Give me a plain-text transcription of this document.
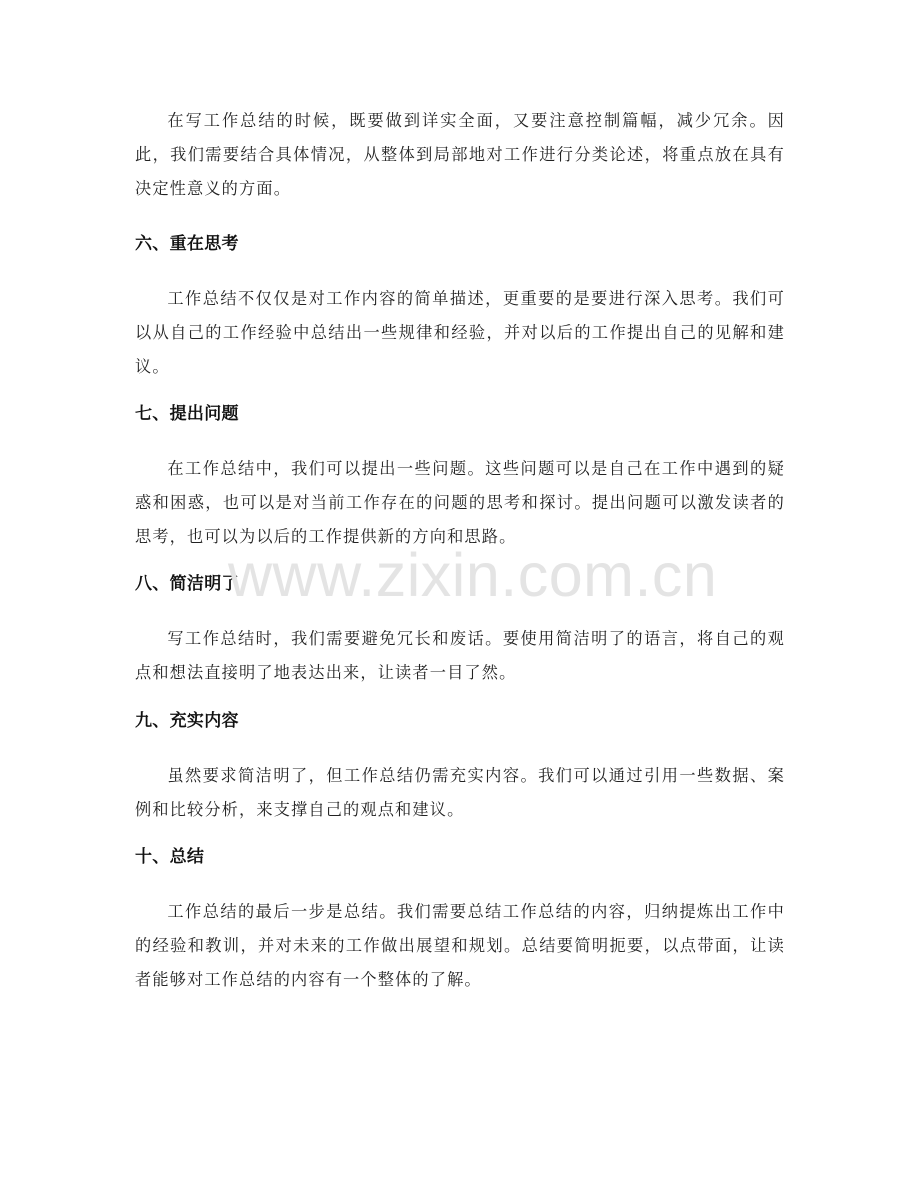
在写工作总结的时候，既要做到详实全面，又要注意控制篇幅，减少冗余。因此，我们需要结合具体情况，从整体到局部地对工作进行分类论述，将重点放在具有决定性意义的方面。

六、重在思考

工作总结不仅仅是对工作内容的简单描述，更重要的是要进行深入思考。我们可以从自己的工作经验中总结出一些规律和经验，并对以后的工作提出自己的见解和建议。

七、提出问题

在工作总结中，我们可以提出一些问题。这些问题可以是自己在工作中遇到的疑惑和困惑，也可以是对当前工作存在的问题的思考和探讨。提出问题可以激发读者的思考，也可以为以后的工作提供新的方向和思路。

八、简洁明了

写工作总结时，我们需要避免冗长和废话。要使用简洁明了的语言，将自己的观点和想法直接明了地表达出来，让读者一目了然。

九、充实内容

虽然要求简洁明了，但工作总结仍需充实内容。我们可以通过引用一些数据、案例和比较分析，来支撑自己的观点和建议。

十、总结

工作总结的最后一步是总结。我们需要总结工作总结的内容，归纳提炼出工作中的经验和教训，并对未来的工作做出展望和规划。总结要简明扼要，以点带面，让读者能够对工作总结的内容有一个整体的了解。

www.zixin.com.cn
